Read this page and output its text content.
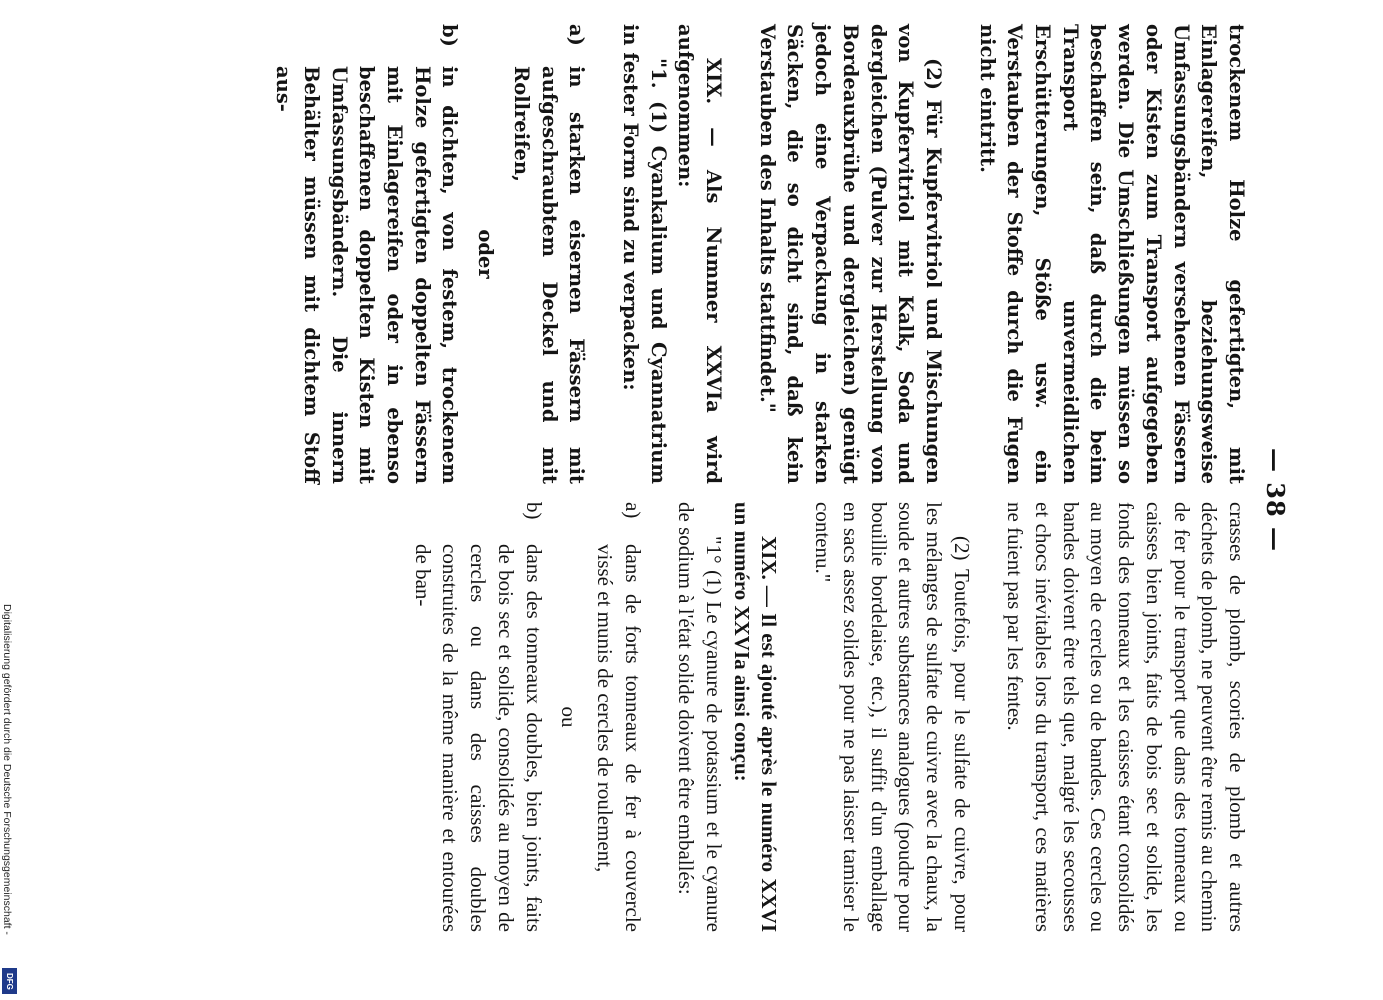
— 38 —
trockenem Holze gefertigten, mit Einlagereifen, beziehungsweise Umfassungsbändern versehenen Fässern oder Kisten zum Transport aufgegeben werden. Die Umschließungen müssen so beschaffen sein, daß durch die beim Transport unvermeidlichen Erschütterungen, Stöße usw. ein Verstauben der Stoffe durch die Fugen nicht eintritt.
(2) Für Kupfervitriol und Mischungen von Kupfervitriol mit Kalk, Soda und dergleichen (Pulver zur Herstellung von Bordeauxbrühe und dergleichen) genügt jedoch eine Verpackung in starken Säcken, die so dicht sind, daß kein Verstauben des Inhalts stattfindet."
XIX. — Als Nummer XXVIa wird aufgenommen:
"1. (1) Cyankalium und Cyannatrium in fester Form sind zu verpacken:
a)
in starken eisernen Fässern mit aufgeschraubtem Deckel und mit Rollreifen,
oder
b)
in dichten, von festem, trockenem Holze gefertigten doppelten Fässern mit Einlagereifen oder in ebenso beschaffenen doppelten Kisten mit Umfassungsbändern. Die innern Behälter müssen mit dichtem Stoff aus-
crasses de plomb, scories de plomb et autres déchets de plomb, ne peuvent être remis au chemin de fer pour le transport que dans des tonneaux ou caisses bien joints, faits de bois sec et solide, les fonds des tonneaux et les caisses étant consolidés au moyen de cercles ou de bandes. Ces cercles ou bandes doivent être tels que, malgré les secousses et chocs inévitables lors du transport, ces matières ne fuient pas par les fentes.
(2) Toutefois, pour le sulfate de cuivre, pour les mélanges de sulfate de cuivre avec la chaux, la soude et autres substances analogues (poudre pour bouillie bordelaise, etc.), il suffit d'un emballage en sacs assez solides pour ne pas laisser tamiser le contenu."
XIX. — Il est ajouté après le numéro XXVI un numéro XXVIa ainsi conçu:
"1° (1) Le cyanure de potassium et le cyanure de sodium à l'état solide doivent être emballés:
a)
dans de forts tonneaux de fer à couvercle vissé et munis de cercles de roulement,
ou
b)
dans des tonneaux doubles, bien joints, faits de bois sec et solide, consolidés au moyen de cercles ou dans des caisses doubles construites de la même manière et entourées de ban-
Digitalisierung gefördert durch die Deutsche Forschungsgemeinschaft -
DFG
